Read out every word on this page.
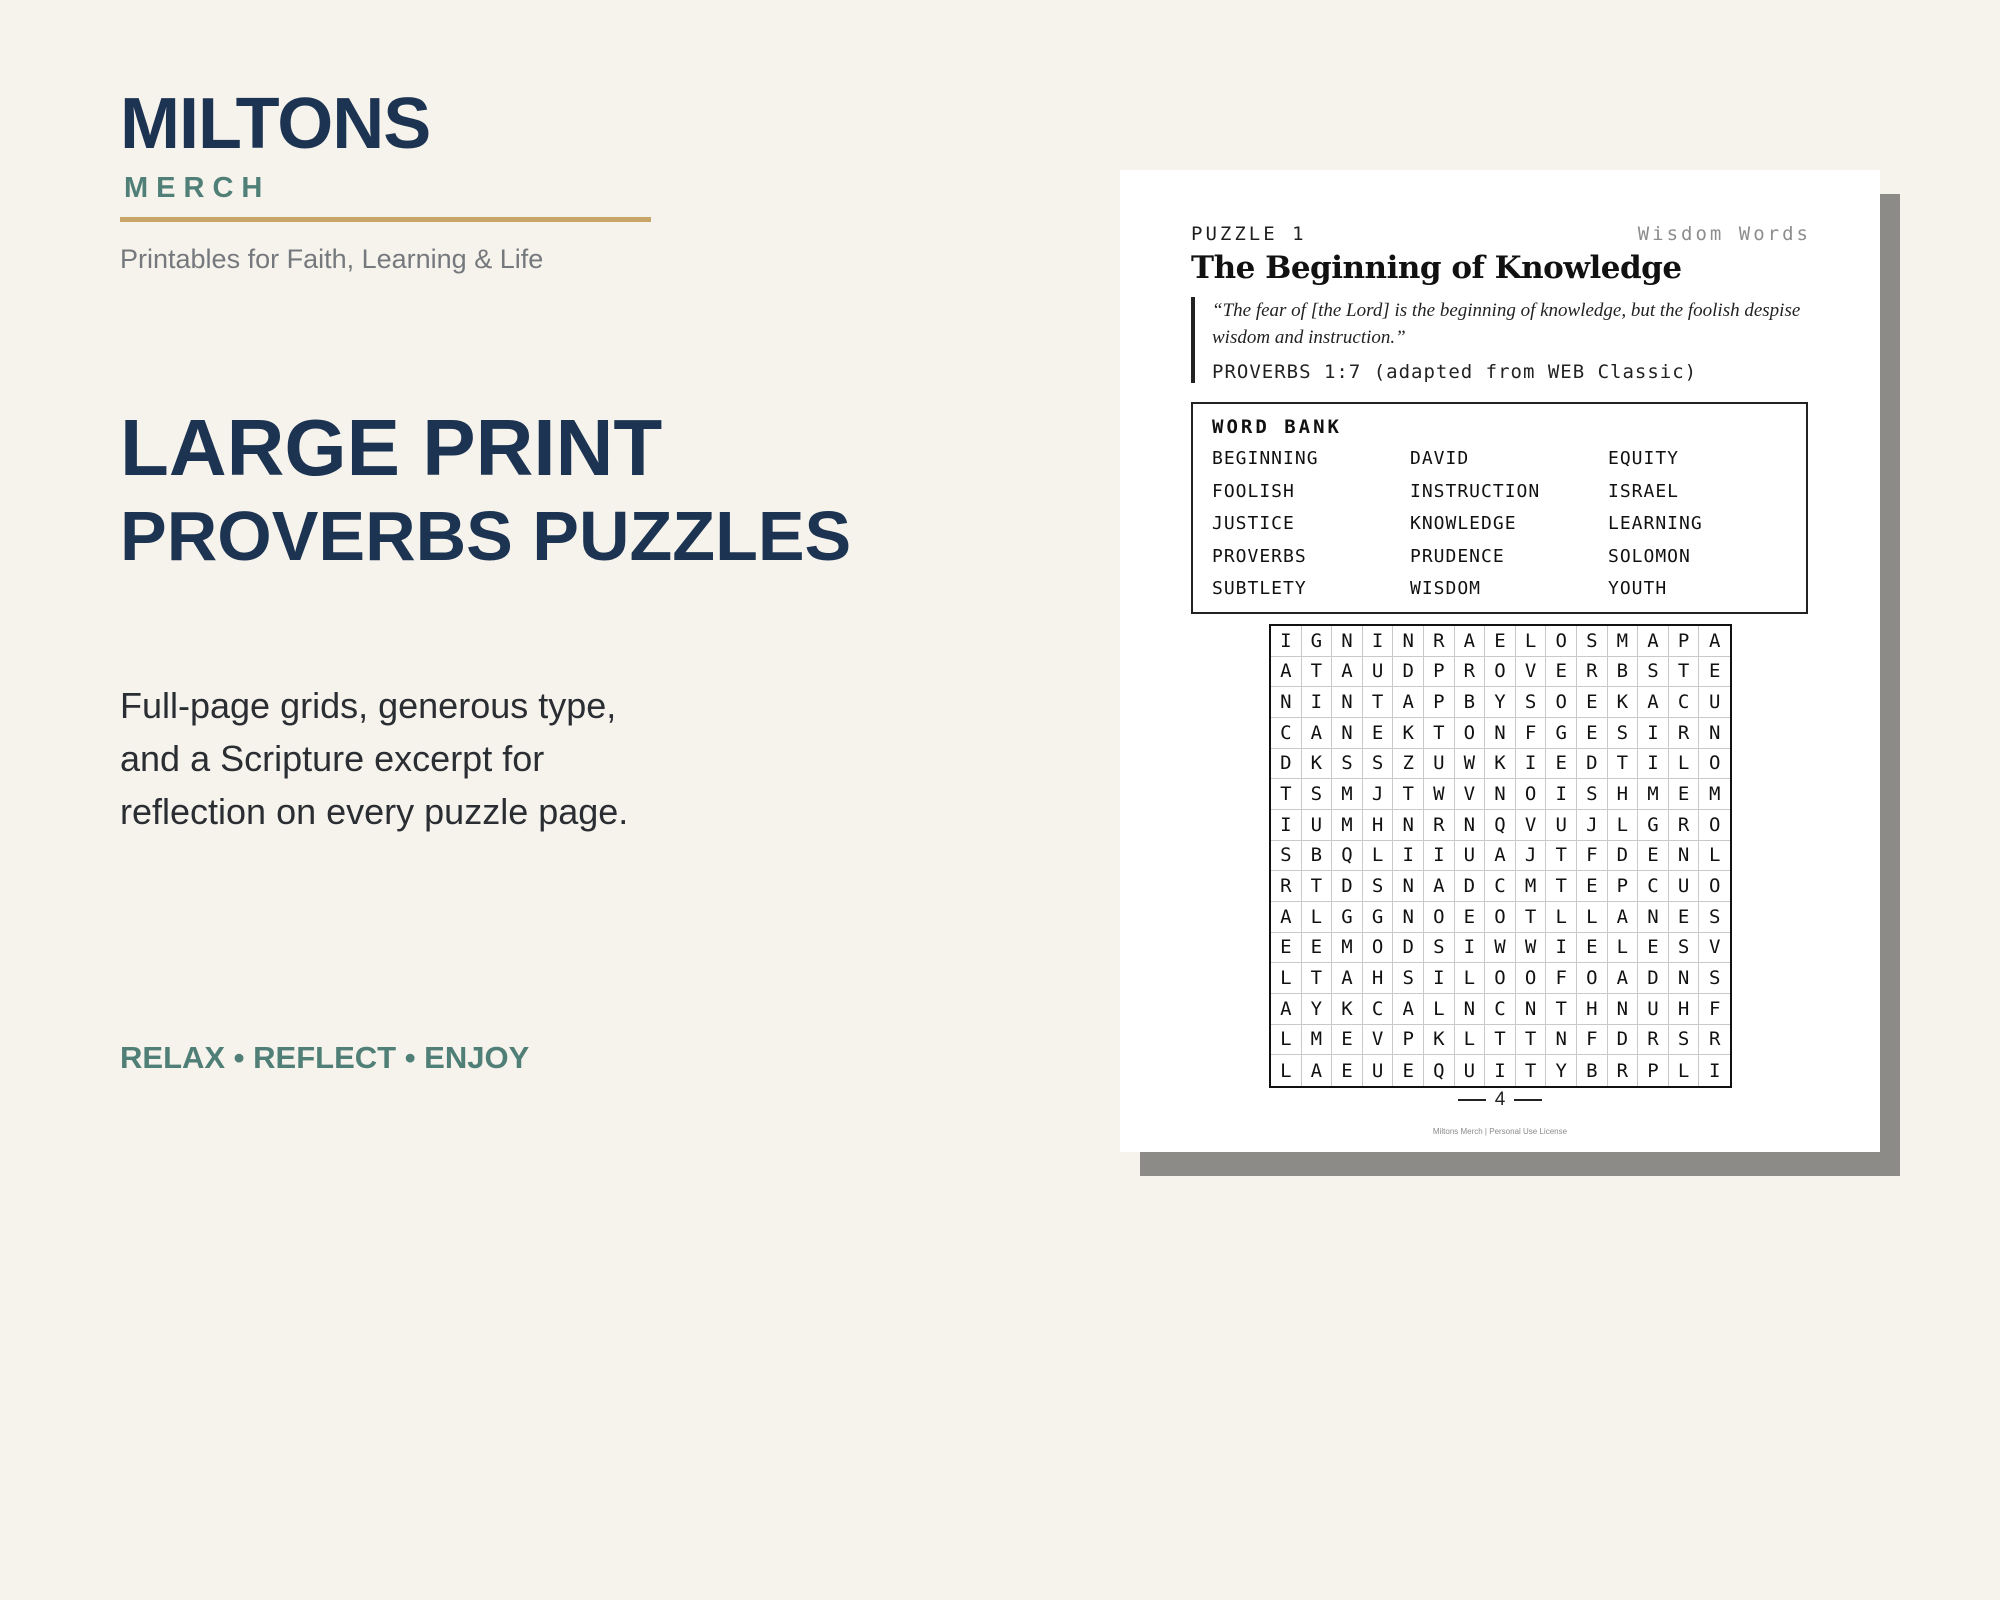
MILTONS
MERCH
Printables for Faith, Learning & Life
LARGE PRINT
PROVERBS PUZZLES
Full-page grids, generous type, and a Scripture excerpt for reflection on every puzzle page.
RELAX • REFLECT • ENJOY
PUZZLE 1	Wisdom Words
The Beginning of Knowledge
“The fear of [the Lord] is the beginning of knowledge, but the foolish despise wisdom and instruction.”
PROVERBS 1:7 (adapted from WEB Classic)
WORD BANK
BEGINNING	DAVID	EQUITY
FOOLISH	INSTRUCTION	ISRAEL
JUSTICE	KNOWLEDGE	LEARNING
PROVERBS	PRUDENCE	SOLOMON
SUBTLETY	WISDOM	YOUTH
I	G	N	I	N	R	A	E	L	O	S	M	A	P	A
A	T	A	U	D	P	R	O	V	E	R	B	S	T	E
N	I	N	T	A	P	B	Y	S	O	E	K	A	C	U
C	A	N	E	K	T	O	N	F	G	E	S	I	R	N
D	K	S	S	Z	U	W	K	I	E	D	T	I	L	O
T	S	M	J	T	W	V	N	O	I	S	H	M	E	M
I	U	M	H	N	R	N	Q	V	U	J	L	G	R	O
S	B	Q	L	I	I	U	A	J	T	F	D	E	N	L
R	T	D	S	N	A	D	C	M	T	E	P	C	U	O
A	L	G	G	N	O	E	O	T	L	L	A	N	E	S
E	E	M	O	D	S	I	W	W	I	E	L	E	S	V
L	T	A	H	S	I	L	O	O	F	O	A	D	N	S
A	Y	K	C	A	L	N	C	N	T	H	N	U	H	F
L	M	E	V	P	K	L	T	T	N	F	D	R	S	R
L	A	E	U	E	Q	U	I	T	Y	B	R	P	L	I
4
Miltons Merch | Personal Use License
